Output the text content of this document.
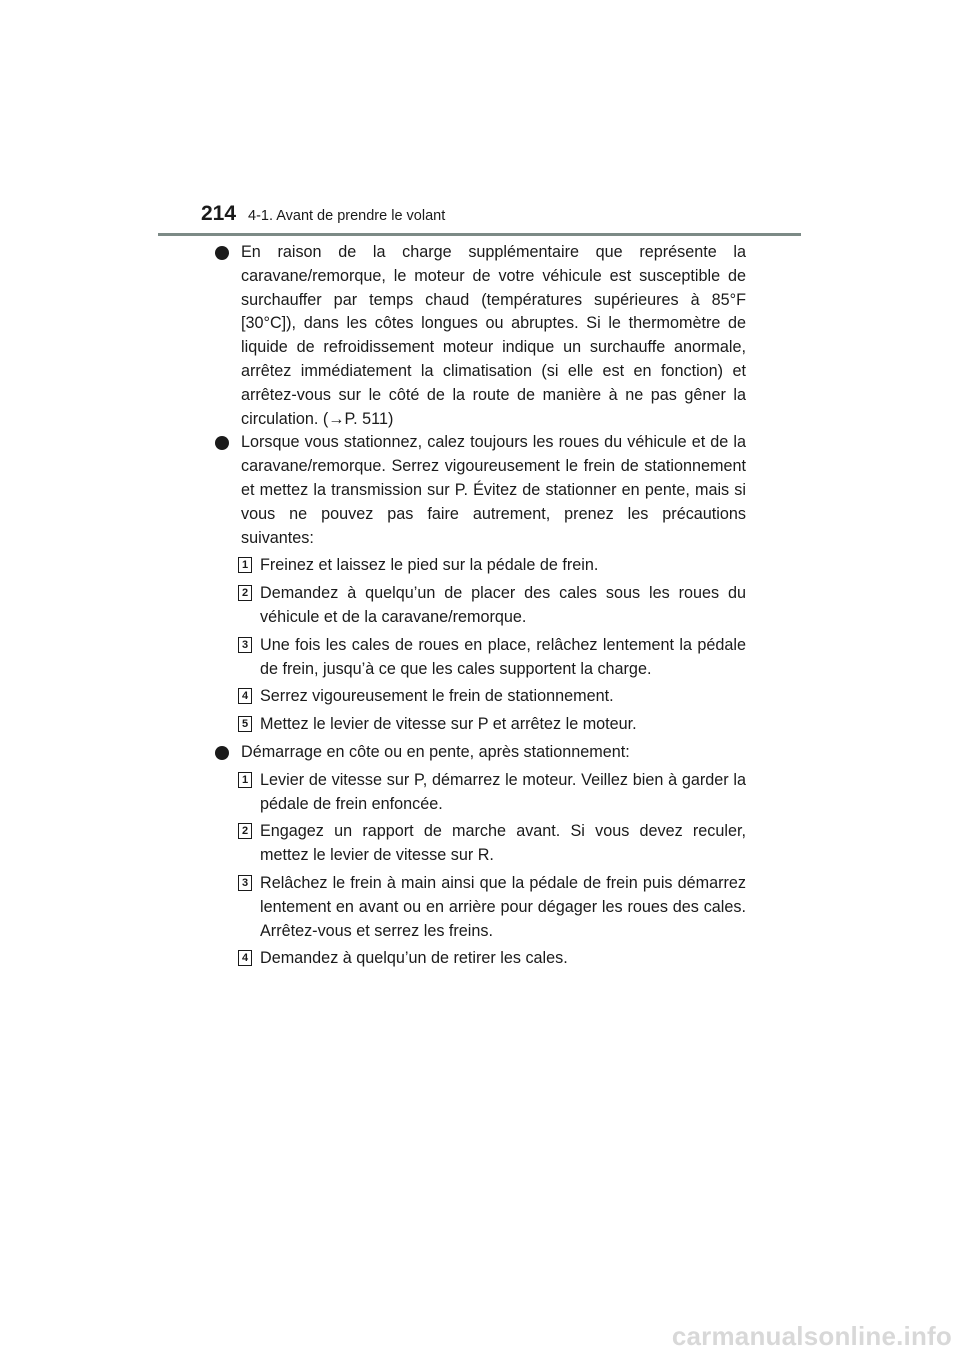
214 4-1. Avant de prendre le volant
En raison de la charge supplémentaire que représente la caravane/remorque, le moteur de votre véhicule est susceptible de surchauffer par temps chaud (températures supérieures à 85°F [30°C]), dans les côtes longues ou abruptes. Si le thermomètre de liquide de refroidissement moteur indique un surchauffe anormale, arrêtez immédiatement la climatisation (si elle est en fonction) et arrêtez-vous sur le côté de la route de manière à ne pas gêner la circulation. (→P. 511)
Lorsque vous stationnez, calez toujours les roues du véhicule et de la caravane/remorque. Serrez vigoureusement le frein de stationnement et mettez la transmission sur P. Évitez de stationner en pente, mais si vous ne pouvez pas faire autrement, prenez les précautions suivantes:
1 Freinez et laissez le pied sur la pédale de frein.
2 Demandez à quelqu’un de placer des cales sous les roues du véhicule et de la caravane/remorque.
3 Une fois les cales de roues en place, relâchez lentement la pédale de frein, jusqu’à ce que les cales supportent la charge.
4 Serrez vigoureusement le frein de stationnement.
5 Mettez le levier de vitesse sur P et arrêtez le moteur.
Démarrage en côte ou en pente, après stationnement:
1 Levier de vitesse sur P, démarrez le moteur. Veillez bien à garder la pédale de frein enfoncée.
2 Engagez un rapport de marche avant. Si vous devez reculer, mettez le levier de vitesse sur R.
3 Relâchez le frein à main ainsi que la pédale de frein puis démarrez lentement en avant ou en arrière pour dégager les roues des cales. Arrêtez-vous et serrez les freins.
4 Demandez à quelqu’un de retirer les cales.
carmanualsonline.info
